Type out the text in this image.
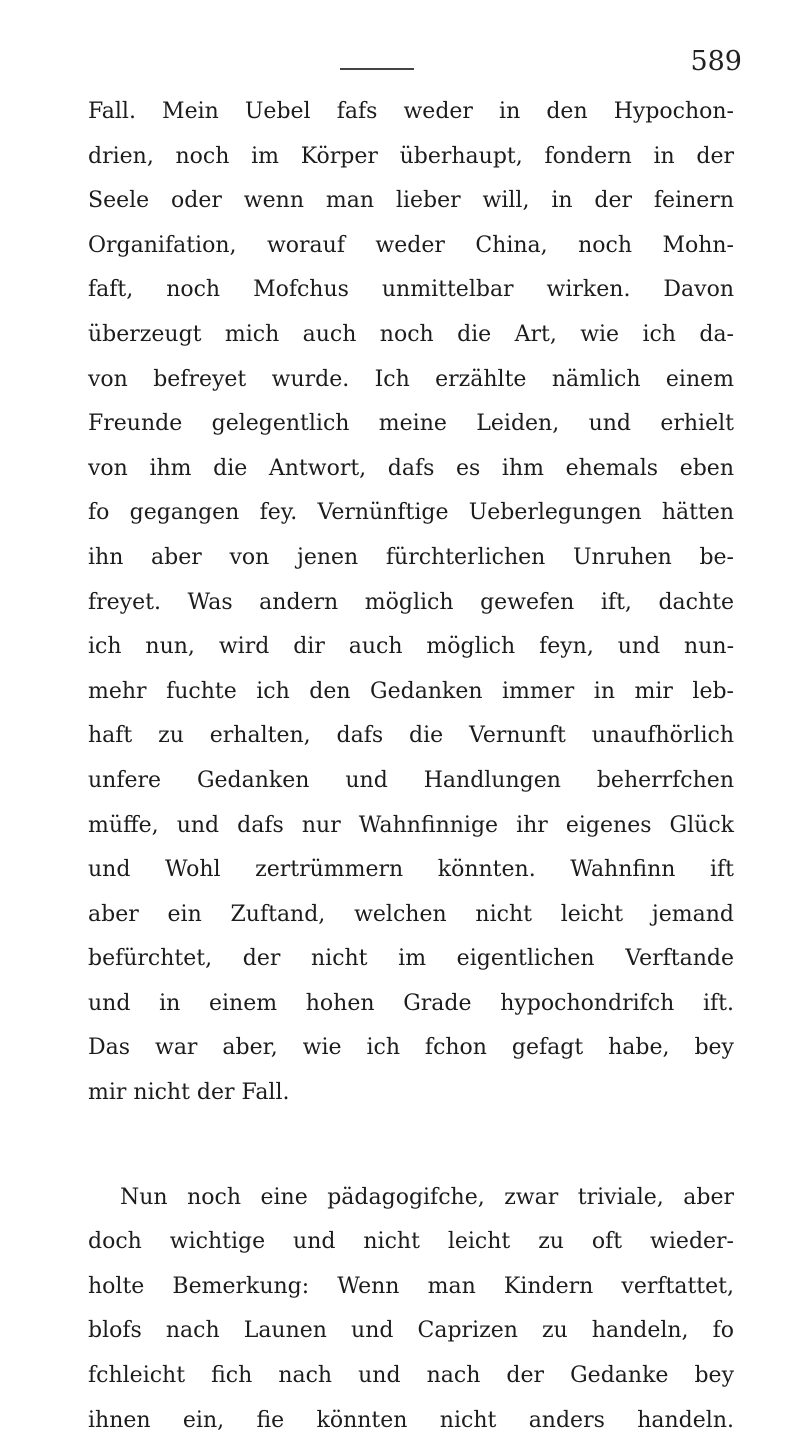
589
Fall. Mein Uebel fafs weder in den Hypochon-
drien, noch im Körper überhaupt, fondern in der
Seele oder wenn man lieber will, in der feinern
Organifation, worauf weder China, noch Mohn-
faft, noch Mofchus unmittelbar wirken. Davon
überzeugt mich auch noch die Art, wie ich da-
von befreyet wurde. Ich erzählte nämlich einem
Freunde gelegentlich meine Leiden, und erhielt
von ihm die Antwort, dafs es ihm ehemals eben
fo gegangen fey. Vernünftige Ueberlegungen hätten
ihn aber von jenen fürchterlichen Unruhen be-
freyet. Was andern möglich gewefen ift, dachte
ich nun, wird dir auch möglich feyn, und nun-
mehr fuchte ich den Gedanken immer in mir leb-
haft zu erhalten, dafs die Vernunft unaufhörlich
unfere Gedanken und Handlungen beherrfchen
müffe, und dafs nur Wahnfinnige ihr eigenes Glück
und Wohl zertrümmern könnten. Wahnfinn ift
aber ein Zuftand, welchen nicht leicht jemand
befürchtet, der nicht im eigentlichen Verftande
und in einem hohen Grade hypochondrifch ift.
Das war aber, wie ich fchon gefagt habe, bey
mir nicht der Fall.
Nun noch eine pädagogifche, zwar triviale, aber
doch wichtige und nicht leicht zu oft wieder-
holte Bemerkung: Wenn man Kindern verftattet,
blofs nach Launen und Caprizen zu handeln, fo
fchleicht fich nach und nach der Gedanke bey
ihnen ein, fie könnten nicht anders handeln.
